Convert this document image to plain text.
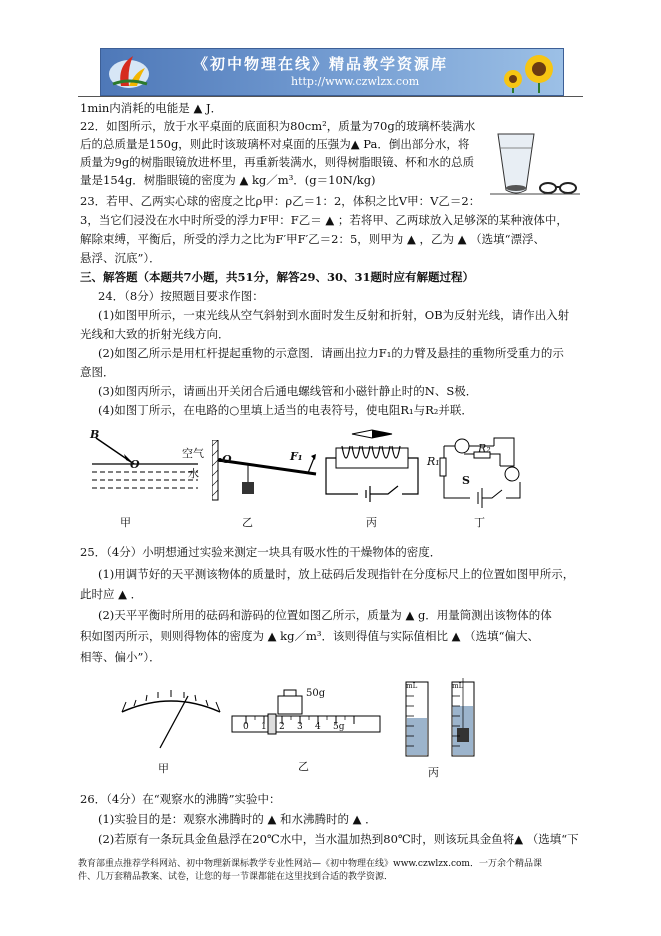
《初中物理在线》精品教学资源库
http://www.czwlzx.com
1min内消耗的电能是 ▲ J．
22．如图所示，放于水平桌面的底面积为80cm²，质量为70g的玻璃杯装满水
后的总质量是150g，则此时该玻璃杯对桌面的压强为▲ Pa．倒出部分水，将
质量为9g的树脂眼镜放进杯里，再重新装满水，则得树脂眼镜、杯和水的总质
量是154g．树脂眼镜的密度为 ▲ kg／m³．(g＝10N/kg)
23．若甲、乙两实心球的密度之比ρ甲：ρ乙＝1：2，体积之比V甲：V乙＝2：
3，当它们浸没在水中时所受的浮力F甲：F乙＝ ▲ ；若将甲、乙两球放入足够深的某种液体中，
解除束缚，平衡后，所受的浮力之比为F′甲F′乙＝2：5，则甲为 ▲ ，乙为 ▲ （选填“漂浮、
悬浮、沉底”）．
三、解答题（本题共7小题，共51分，解答29、30、31题时应有解题过程）
24．（8分）按照题目要求作图：
(1)如图甲所示，一束光线从空气斜射到水面时发生反射和折射，OB为反射光线，请作出入射
光线和大致的折射光线方向．
(2)如图乙所示是用杠杆提起重物的示意图．请画出拉力F₁的力臂及悬挂的重物所受重力的示
意图．
(3)如图丙所示，请画出开关闭合后通电螺线管和小磁针静止时的N、S极．
(4)如图丁所示，在电路的○里填上适当的电表符号，使电阻R₁与R₂并联．
25．（4分）小明想通过实验来测定一块具有吸水性的干燥物体的密度．
(1)用调节好的天平测该物体的质量时，放上砝码后发现指针在分度标尺上的位置如图甲所示，
此时应 ▲ ．
(2)天平平衡时所用的砝码和游码的位置如图乙所示，质量为 ▲ g．用量筒测出该物体的体
积如图丙所示，则则得物体的密度为 ▲ kg／m³．该则得值与实际值相比 ▲ （选填“偏大、
相等、偏小”）．
26．（4分）在“观察水的沸腾”实验中：
(1)实验目的是：观察水沸腾时的 ▲ 和水沸腾时的 ▲ ．
(2)若原有一条玩具金鱼悬浮在20℃水中，当水温加热到80℃时，则该玩具金鱼将▲ （选填“下
B
O
空气
水
甲
O	F₁
乙	丙
R₁
R₂
S
丁
甲
50g
0 1 2 3 4 5g
乙
mL	mL
丙
教育部重点推荐学科网站、初中物理新课标教学专业性网站—《初中物理在线》www.czwlzx.com．一万余个精品课
件、几万套精品教案、试卷，让您的每一节课都能在这里找到合适的教学资源．
